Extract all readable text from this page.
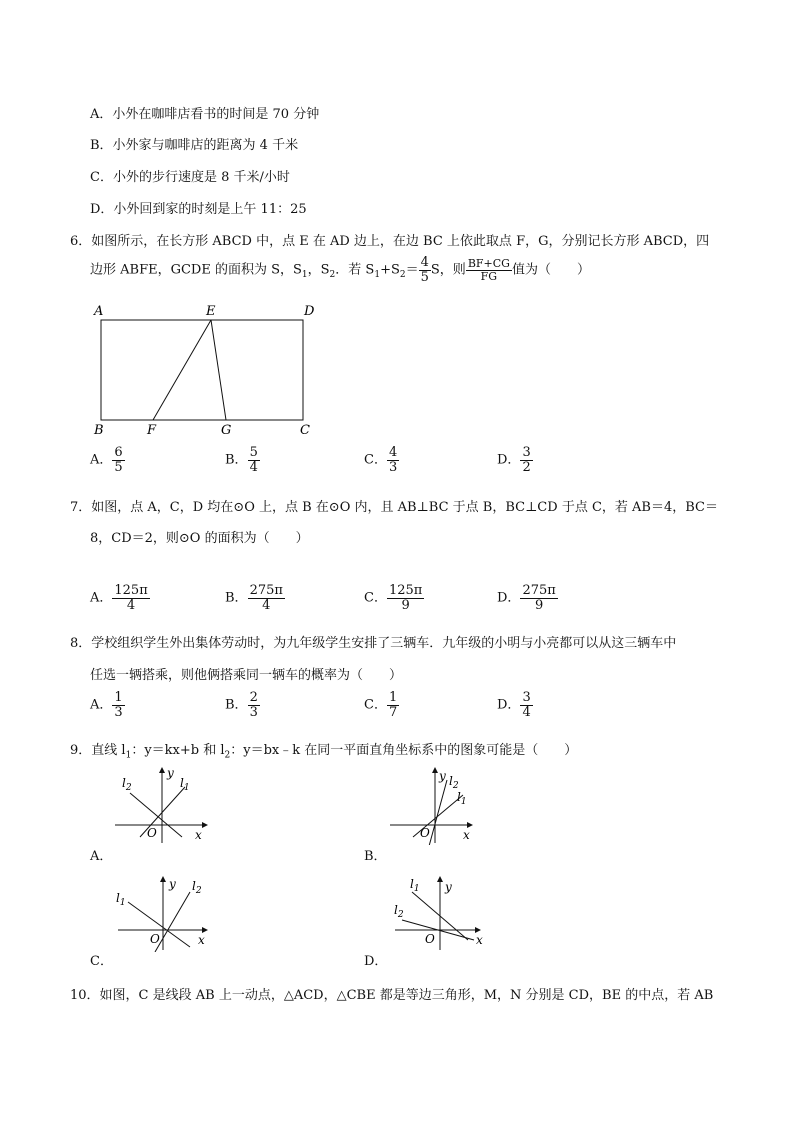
A．小外在咖啡店看书的时间是 70 分钟
B．小外家与咖啡店的距离为 4 千米
C．小外的步行速度是 8 千米/小时
D．小外回到家的时刻是上午 11：25
6．如图所示，在长方形 ABCD 中，点 E 在 AD 边上，在边 BC 上依此取点 F，G，分别记长方形 ABCD，四
边形 ABFE，GCDE 的面积为 S，$S_1$，$S_2$．若 $S_1+S_2= \frac{4}{5}$ S，则 $\frac{BF+CG}{FG}$ 值为（　　）
A	E	D
B	F	G	C
A． $\frac{6}{5}$	B． $\frac{5}{4}$	C． $\frac{4}{3}$	D． $\frac{3}{2}$
7．如图，点 A，C，D 均在⊙O 上，点 B 在⊙O 内，且 AB⊥BC 于点 B，BC⊥CD 于点 C，若 AB＝4，BC＝
8，CD＝2，则⊙O 的面积为（　　）
A． $\frac{125\pi}{4}$	B． $\frac{275\pi}{4}$	C． $\frac{125\pi}{9}$	D． $\frac{275\pi}{9}$
8．学校组织学生外出集体劳动时，为九年级学生安排了三辆车．九年级的小明与小亮都可以从这三辆车中
任选一辆搭乘，则他俩搭乘同一辆车的概率为（　　）
A． $\frac{1}{3}$	B． $\frac{2}{3}$	C． $\frac{1}{7}$	D． $\frac{3}{4}$
9．直线 $l_1$：y＝kx+b 和 $l_2$：y＝bx﹣k 在同一平面直角坐标系中的图象可能是（　　）
$l_2$	$l_1$
y
O	x
A．
$l_2$
$l_1$
y
O	x
B．
$l_1$
$l_2$
y
O	x
C．
$l_1$
$l_2$
y
O	x
D．
10．如图，C 是线段 AB 上一动点，△ACD，△CBE 都是等边三角形，M，N 分别是 CD，BE 的中点，若 AB
